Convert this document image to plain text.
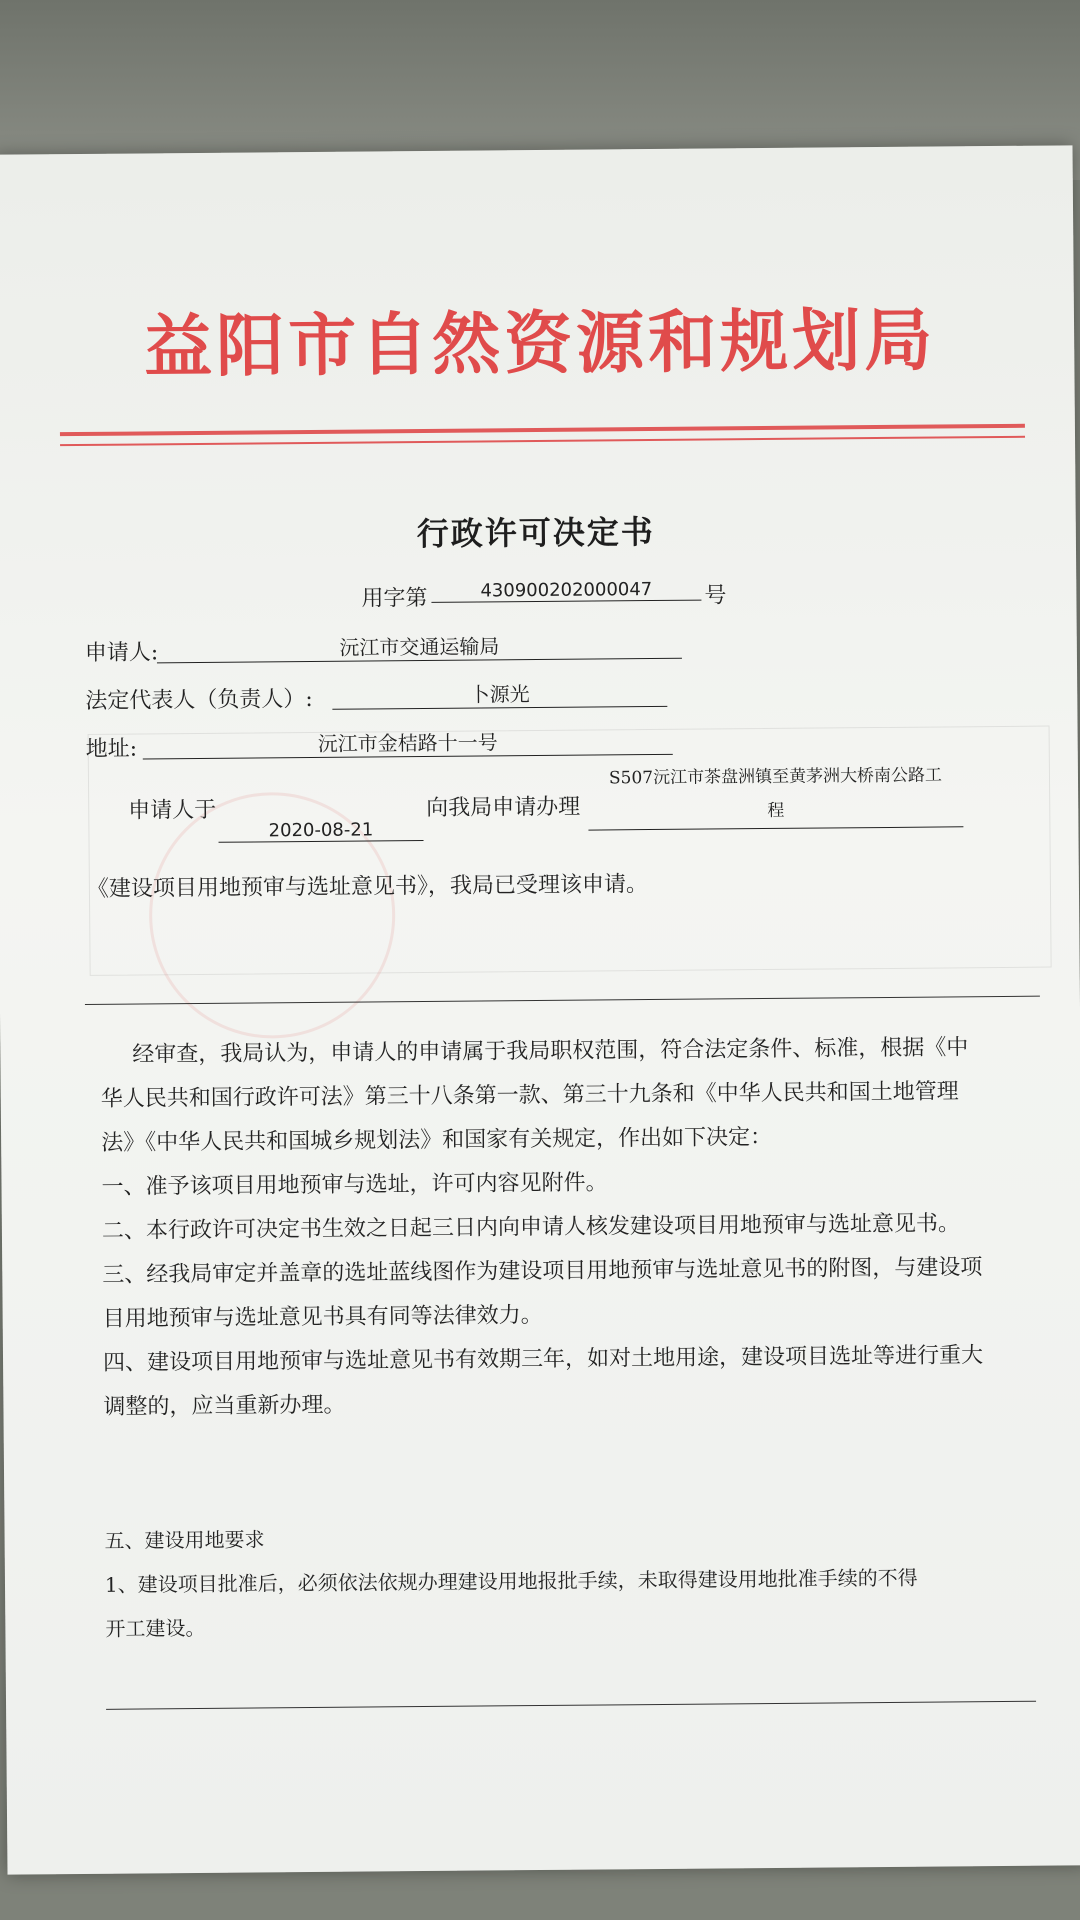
益阳市自然资源和规划局
行政许可决定书
用字第	430900202000047	号
申请人:	沅江市交通运输局
法定代表人（负责人）:	卜源光
地址:	沅江市金桔路十一号
申请人于
2020-08-21
向我局申请办理
S507沅江市茶盘洲镇至黄茅洲大桥南公路工
程
《建设项目用地预审与选址意见书》，我局已受理该申请。

经审查，我局认为，申请人的申请属于我局职权范围，符合法定条件、标准，根据《中

华人民共和国行政许可法》第三十八条第一款、第三十九条和《中华人民共和国土地管理

法》《中华人民共和国城乡规划法》和国家有关规定，作出如下决定：

一、准予该项目用地预审与选址，许可内容见附件。

二、本行政许可决定书生效之日起三日内向申请人核发建设项目用地预审与选址意见书。

三、经我局审定并盖章的选址蓝线图作为建设项目用地预审与选址意见书的附图，与建设项

目用地预审与选址意见书具有同等法律效力。

四、建设项目用地预审与选址意见书有效期三年，如对土地用途，建设项目选址等进行重大

调整的，应当重新办理。

五、建设用地要求

1、建设项目批准后，必须依法依规办理建设用地报批手续，未取得建设用地批准手续的不得

开工建设。
